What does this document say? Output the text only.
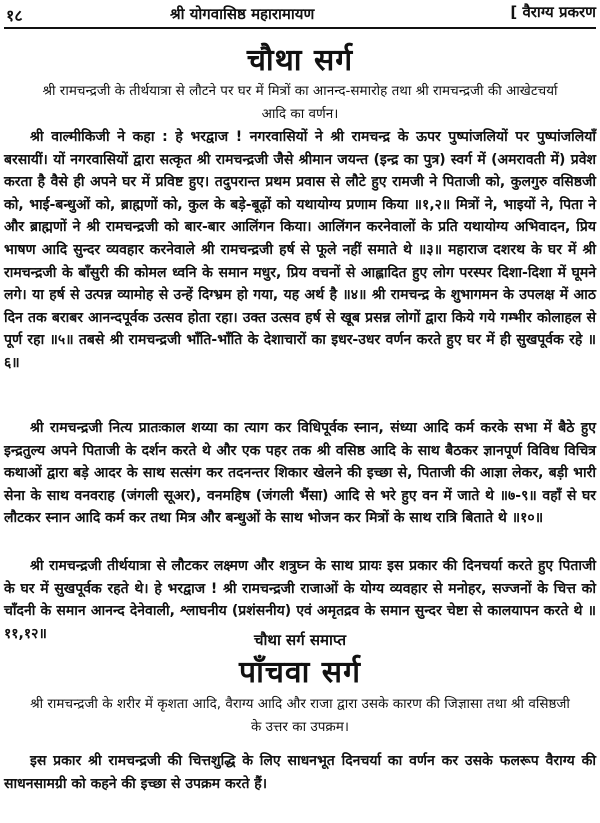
१८	श्री योगवासिष्ठ महारामायण	[ वैराग्य प्रकरण
चौथा सर्ग
श्री रामचन्द्रजी के तीर्थयात्रा से लौटने पर घर में मित्रों का आनन्द-समारोह तथा श्री रामचन्द्रजी की आखेटचर्या आदि का वर्णन।
श्री वाल्मीकिजी ने कहा : हे भरद्वाज ! नगरवासियों ने श्री रामचन्द्र के ऊपर पुष्पांजलियों पर पुष्पांजलियाँ बरसायीं। यों नगरवासियों द्वारा सत्कृत श्री रामचन्द्रजी जैसे श्रीमान जयन्त (इन्द्र का पुत्र) स्वर्ग में (अमरावती में) प्रवेश करता है वैसे ही अपने घर में प्रविष्ट हुए। तदुपरान्त प्रथम प्रवास से लौटे हुए रामजी ने पिताजी को, कुलगुरु वसिष्ठजी को, भाई-बन्धुओं को, ब्राह्मणों को, कुल के बड़े-बूढ़ों को यथायोग्य प्रणाम किया ॥१,२॥ मित्रों ने, भाइयों ने, पिता ने और ब्राह्मणों ने श्री रामचन्द्रजी को बार-बार आलिंगन किया। आलिंगन करनेवालों के प्रति यथायोग्य अभिवादन, प्रिय भाषण आदि सुन्दर व्यवहार करनेवाले श्री रामचन्द्रजी हर्ष से फूले नहीं समाते थे ॥३॥ महाराज दशरथ के घर में श्री रामचन्द्रजी के बाँसुरी की कोमल ध्वनि के समान मधुर, प्रिय वचनों से आह्लादित हुए लोग परस्पर दिशा-दिशा में घूमने लगे। या हर्ष से उत्पन्न व्यामोह से उन्हें दिग्भ्रम हो गया, यह अर्थ है ॥४॥ श्री रामचन्द्र के शुभागमन के उपलक्ष में आठ दिन तक बराबर आनन्दपूर्वक उत्सव होता रहा। उक्त उत्सव हर्ष से खूब प्रसन्न लोगों द्वारा किये गये गम्भीर कोलाहल से पूर्ण रहा ॥५॥ तबसे श्री रामचन्द्रजी भाँति-भाँति के देशाचारों का इधर-उधर वर्णन करते हुए घर में ही सुखपूर्वक रहे ॥६॥
श्री रामचन्द्रजी नित्य प्रातःकाल शय्या का त्याग कर विधिपूर्वक स्नान, संध्या आदि कर्म करके सभा में बैठे हुए इन्द्रतुल्य अपने पिताजी के दर्शन करते थे और एक पहर तक श्री वसिष्ठ आदि के साथ बैठकर ज्ञानपूर्ण विविध विचित्र कथाओं द्वारा बड़े आदर के साथ सत्संग कर तदनन्तर शिकार खेलने की इच्छा से, पिताजी की आज्ञा लेकर, बड़ी भारी सेना के साथ वनवराह (जंगली सूअर), वनमहिष (जंगली भैंसा) आदि से भरे हुए वन में जाते थे ॥७-९॥ वहाँ से घर लौटकर स्नान आदि कर्म कर तथा मित्र और बन्धुओं के साथ भोजन कर मित्रों के साथ रात्रि बिताते थे ॥१०॥
श्री रामचन्द्रजी तीर्थयात्रा से लौटकर लक्ष्मण और शत्रुघ्न के साथ प्रायः इस प्रकार की दिनचर्या करते हुए पिताजी के घर में सुखपूर्वक रहते थे। हे भरद्वाज ! श्री रामचन्द्रजी राजाओं के योग्य व्यवहार से मनोहर, सज्जनों के चित्त को चाँदनी के समान आनन्द देनेवाली, श्लाघनीय (प्रशंसनीय) एवं अमृतद्रव के समान सुन्दर चेष्टा से कालयापन करते थे ॥११,१२॥	चौथा सर्ग समाप्त
पाँचवा सर्ग
श्री रामचन्द्रजी के शरीर में कृशता आदि, वैराग्य आदि और राजा द्वारा उसके कारण की जिज्ञासा तथा श्री वसिष्ठजी के उत्तर का उपक्रम।
इस प्रकार श्री रामचन्द्रजी की चित्तशुद्धि के लिए साधनभूत दिनचर्या का वर्णन कर उसके फलरूप वैराग्य की साधनसामग्री को कहने की इच्छा से उपक्रम करते हैं।
